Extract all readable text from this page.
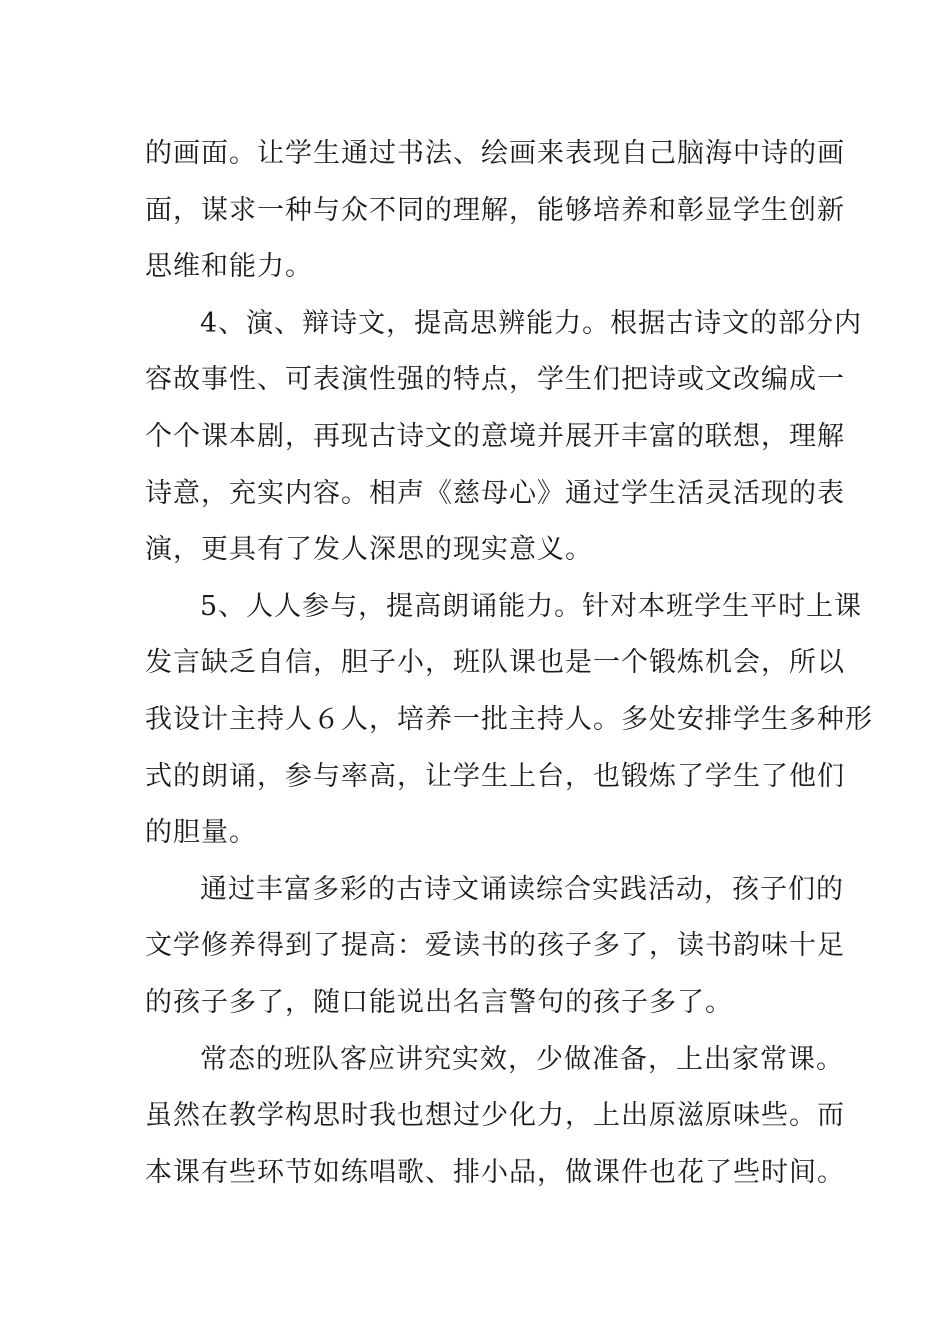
的画面。让学生通过书法、绘画来表现自己脑海中诗的画
面，谋求一种与众不同的理解，能够培养和彰显学生创新
思维和能力。
4、演、辩诗文，提高思辨能力。根据古诗文的部分内
容故事性、可表演性强的特点，学生们把诗或文改编成一
个个课本剧，再现古诗文的意境并展开丰富的联想，理解
诗意，充实内容。相声《慈母心》通过学生活灵活现的表
演，更具有了发人深思的现实意义。
5、人人参与，提高朗诵能力。针对本班学生平时上课
发言缺乏自信，胆子小，班队课也是一个锻炼机会，所以
我设计主持人６人，培养一批主持人。多处安排学生多种形
式的朗诵，参与率高，让学生上台，也锻炼了学生了他们
的胆量。
通过丰富多彩的古诗文诵读综合实践活动，孩子们的
文学修养得到了提高：爱读书的孩子多了，读书韵味十足
的孩子多了，随口能说出名言警句的孩子多了。
常态的班队客应讲究实效，少做准备，上出家常课。
虽然在教学构思时我也想过少化力，上出原滋原味些。而
本课有些环节如练唱歌、排小品，做课件也花了些时间。
